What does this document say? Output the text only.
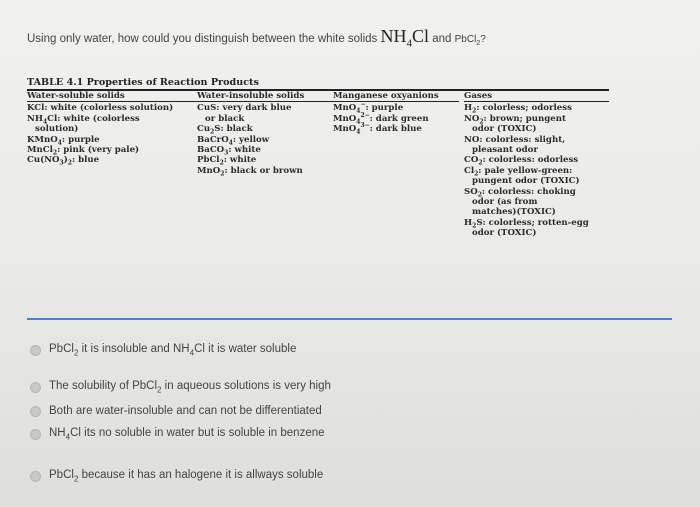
Using only water, how could you distinguish between the white solids $NH_4Cl$ and PbCl$_2$?
TABLE 4.1 Properties of Reaction Products
Water-soluble solids
KCl: white (colorless solution)
$NH_4Cl$: white (colorless
solution)
KMnO$_4$: purple
MnCl$_2$: pink (very pale)
$Cu(NO_3)_2$: blue
Water-insoluble solids
CuS: very dark blue
or black
$Cu_2S$: black
BaCrO$_4$: yellow
BaCO$_3$: white
PbCl$_2$: white
MnO$_2$: black or brown
Manganese oxyanions
MnO$_4$−: purple
MnO$_4^{2-}$: dark green
MnO$_4^{3-}$: dark blue
Gases
$H_2$: colorless; odorless
$NO_2$: brown; pungent
odor (TOXIC)
NO: colorless: slight,
pleasant odor
$CO_2$: colorless: odorless
$Cl_2$: pale yellow-green:
pungent odor (TOXIC)
$SO_2$: colorless: choking
odor (as from
matches)(TOXIC)
$H_2S$: colorless; rotten-egg
odor (TOXIC)
PbCl$_2$ it is insoluble and $NH_4Cl$ it is water soluble
The solubility of PbCl$_2$ in aqueous solutions is very high
Both are water-insoluble and can not be differentiated
$NH_4Cl$ its no soluble in water but is soluble in benzene
PbCl$_2$ because it has an halogene it is allways soluble
